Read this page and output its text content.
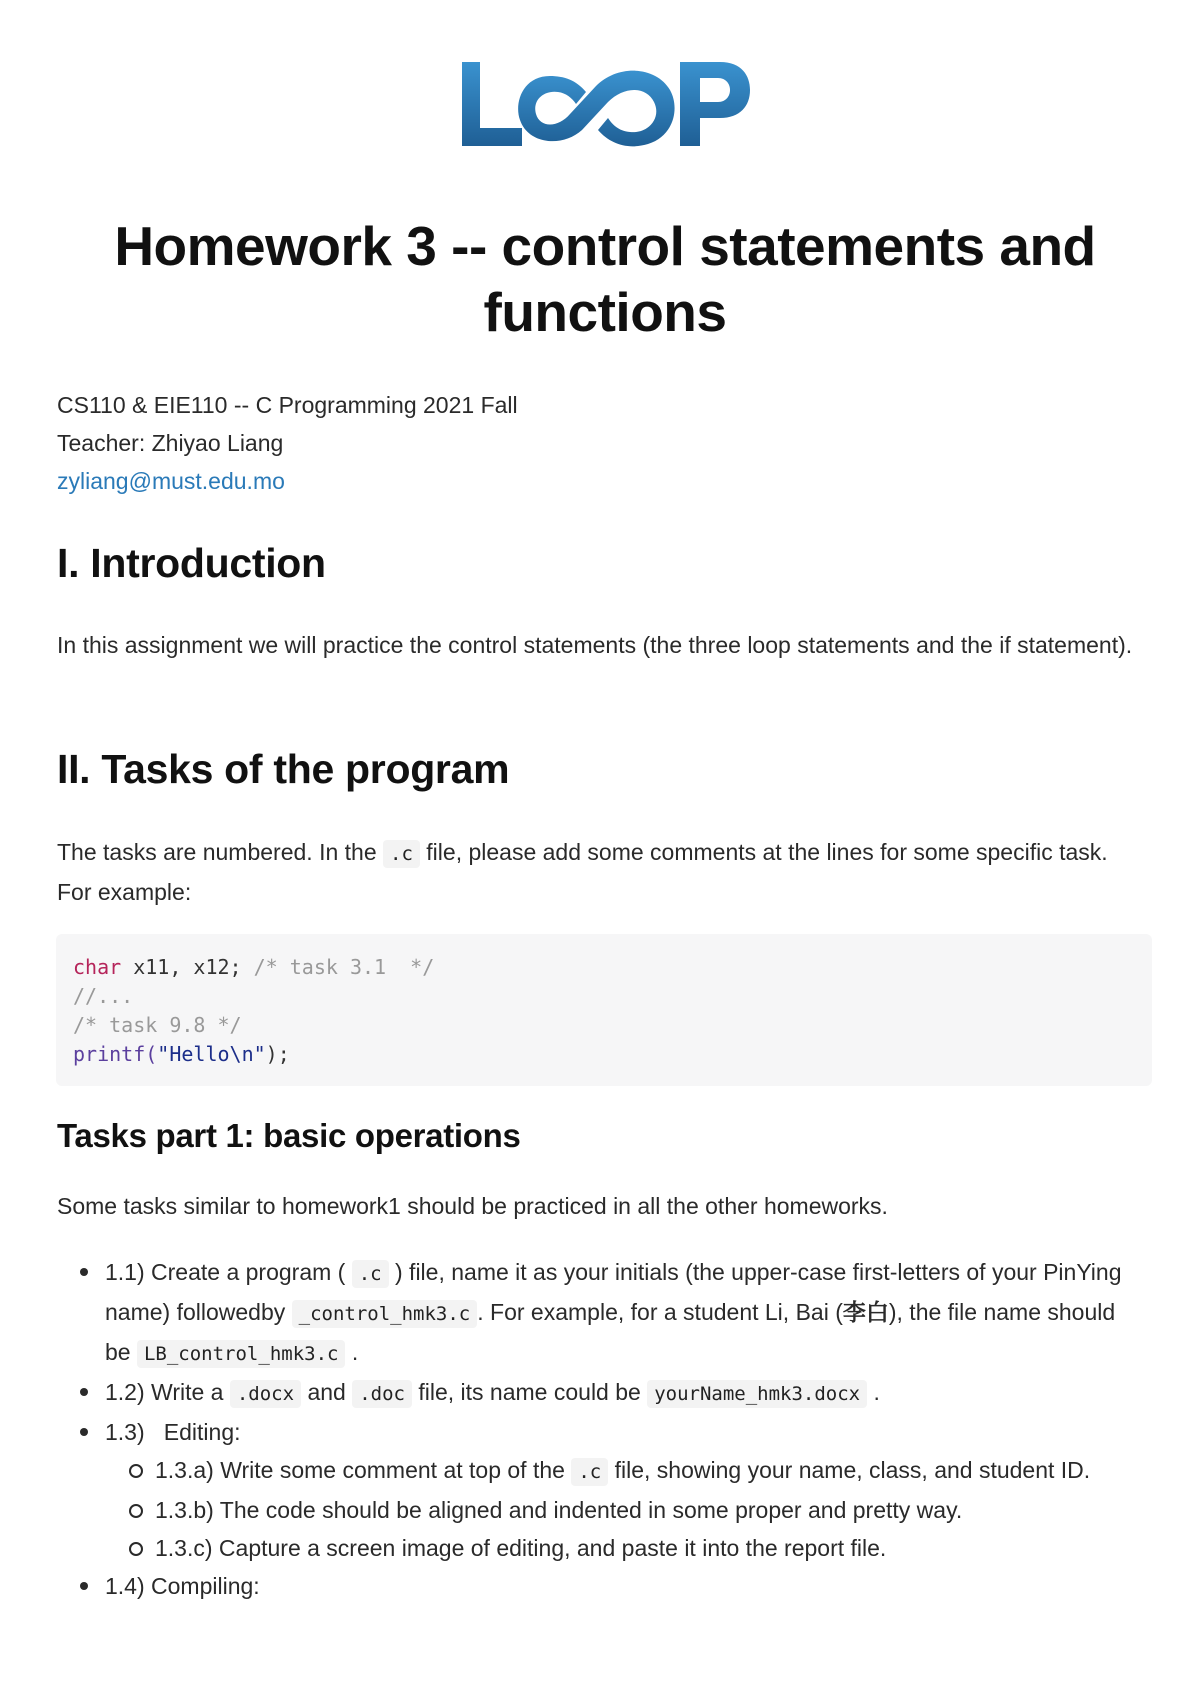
Homework 3 -- control statements and functions
CS110 & EIE110 -- C Programming 2021 Fall
Teacher: Zhiyao Liang
zyliang@must.edu.mo
I. Introduction

In this assignment we will practice the control statements (the three loop statements and the if statement).

II. Tasks of the program

The tasks are numbered. In the .c file, please add some comments at the lines for some specific task. For example:

char x11, x12; /* task 3.1  */
//...
/* task 9.8 */
printf("Hello\n");
Tasks part 1: basic operations

Some tasks similar to homework1 should be practiced in all the other homeworks.

1.1) Create a program ( .c ) file, name it as your initials (the upper-case first-letters of your PinYing name) followedby _control_hmk3.c . For example, for a student Li, Bai (李白), the file name should be LB_control_hmk3.c .
1.2) Write a .docx and .doc file, its name could be yourName_hmk3.docx .
1.3)   Editing:
1.3.a) Write some comment at top of the .c file, showing your name, class, and student ID.
1.3.b) The code should be aligned and indented in some proper and pretty way.
1.3.c) Capture a screen image of editing, and paste it into the report file.
1.4) Compiling:
